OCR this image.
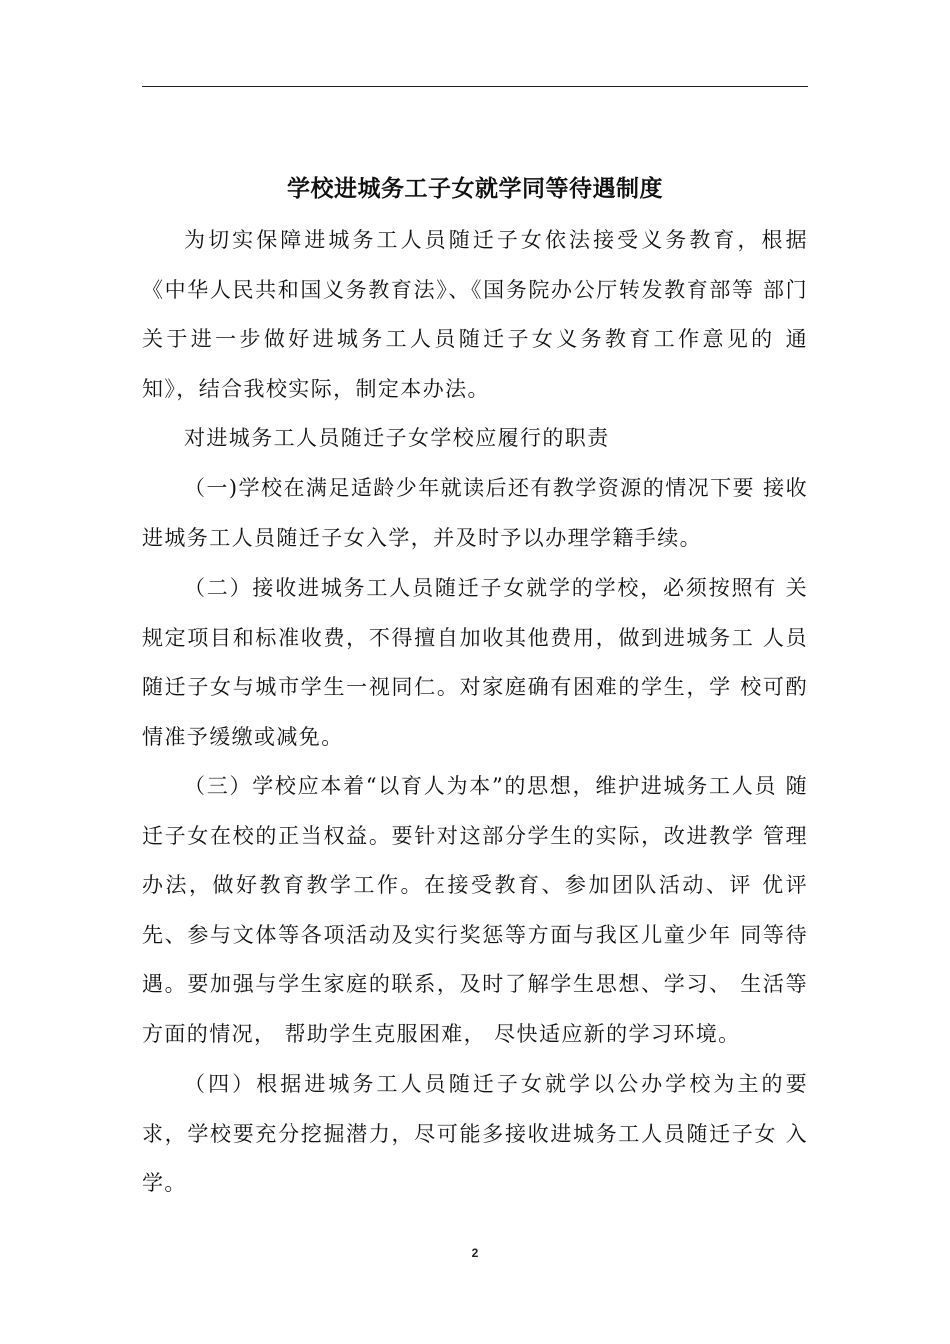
学校进城务工子女就学同等待遇制度

为切实保障进城务工人员随迁子女依法接受义务教育，根据 《中华人民共和国义务教育法》、《国务院办公厅转发教育部等 部门关于进一步做好进城务工人员随迁子女义务教育工作意见的 通知》，结合我校实际，制定本办法。

对进城务工人员随迁子女学校应履行的职责

（一)学校在满足适龄少年就读后还有教学资源的情况下要 接收进城务工人员随迁子女入学，并及时予以办理学籍手续。

（二）接收进城务工人员随迁子女就学的学校，必须按照有 关规定项目和标准收费，不得擅自加收其他费用，做到进城务工 人员随迁子女与城市学生一视同仁。对家庭确有困难的学生，学 校可酌情准予缓缴或减免。

（三）学校应本着“以育人为本”的思想，维护进城务工人员 随迁子女在校的正当权益。要针对这部分学生的实际，改进教学 管理办法，做好教育教学工作。在接受教育、参加团队活动、评 优评先、参与文体等各项活动及实行奖惩等方面与我区儿童少年 同等待遇。要加强与学生家庭的联系，及时了解学生思想、学习、 生活等方面的情况， 帮助学生克服困难， 尽快适应新的学习环境。

（四）根据进城务工人员随迁子女就学以公办学校为主的要 求，学校要充分挖掘潜力，尽可能多接收进城务工人员随迁子女 入学。

2
